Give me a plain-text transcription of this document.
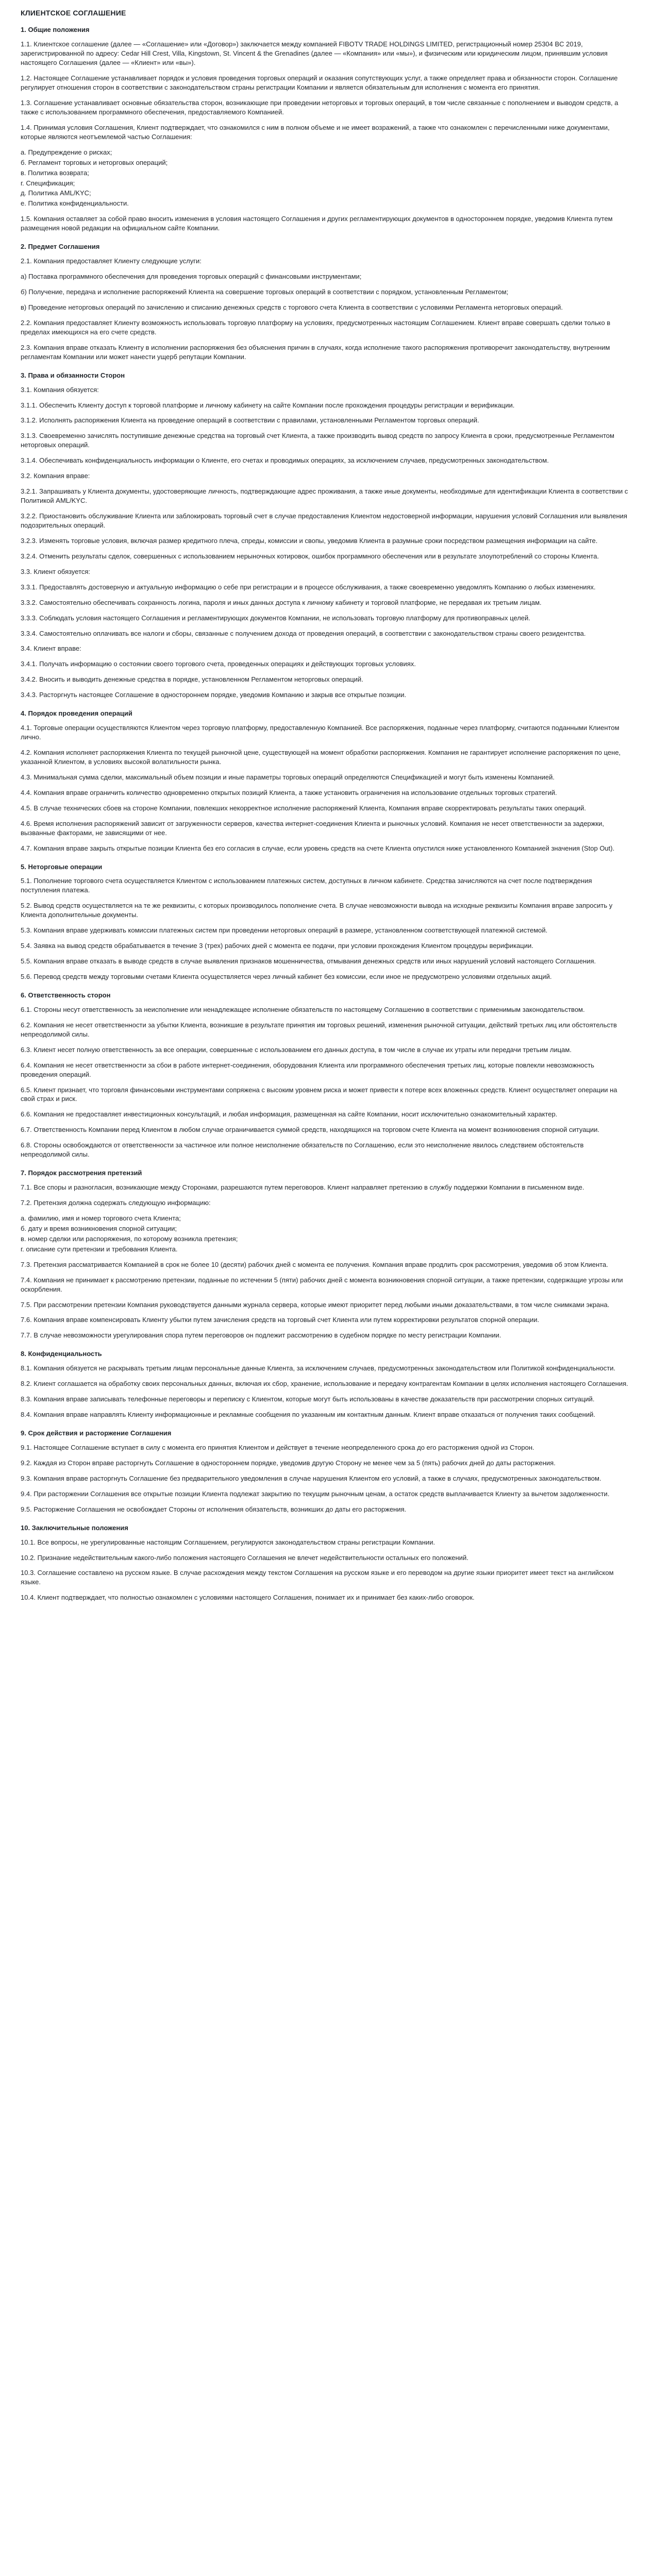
КЛИЕНТСКОЕ СОГЛАШЕНИЕ
1. Общие положения

1.1. Клиентское соглашение (далее — «Соглашение» или «Договор») заключается между компанией FIBOTV TRADE HOLDINGS LIMITED, регистрационный номер 25304 BC 2019, зарегистрированной по адресу: Cedar Hill Crest, Villa, Kingstown, St. Vincent & the Grenadines (далее — «Компания» или «мы»), и физическим или юридическим лицом, принявшим условия настоящего Соглашения (далее — «Клиент» или «вы»).

1.2. Настоящее Соглашение устанавливает порядок и условия проведения торговых операций и оказания сопутствующих услуг, а также определяет права и обязанности сторон. Соглашение регулирует отношения сторон в соответствии с законодательством страны регистрации Компании и является обязательным для исполнения с момента его принятия.

1.3. Соглашение устанавливает основные обязательства сторон, возникающие при проведении неторговых и торговых операций, в том числе связанные с пополнением и выводом средств, а также с использованием программного обеспечения, предоставляемого Компанией.

1.4. Принимая условия Соглашения, Клиент подтверждает, что ознакомился с ним в полном объеме и не имеет возражений, а также что ознакомлен с перечисленными ниже документами, которые являются неотъемлемой частью Соглашения:

а. Предупреждение о рисках;
б. Регламент торговых и неторговых операций;
в. Политика возврата;
г. Спецификация;
д. Политика AML/KYC;
е. Политика конфиденциальности.

1.5. Компания оставляет за собой право вносить изменения в условия настоящего Соглашения и других регламентирующих документов в одностороннем порядке, уведомив Клиента путем размещения новой редакции на официальном сайте Компании.

2. Предмет Соглашения

2.1. Компания предоставляет Клиенту следующие услуги:

а) Поставка программного обеспечения для проведения торговых операций с финансовыми инструментами;

б) Получение, передача и исполнение распоряжений Клиента на совершение торговых операций в соответствии с порядком, установленным Регламентом;

в) Проведение неторговых операций по зачислению и списанию денежных средств с торгового счета Клиента в соответствии с условиями Регламента неторговых операций.

2.2. Компания предоставляет Клиенту возможность использовать торговую платформу на условиях, предусмотренных настоящим Соглашением. Клиент вправе совершать сделки только в пределах имеющихся на его счете средств.

2.3. Компания вправе отказать Клиенту в исполнении распоряжения без объяснения причин в случаях, когда исполнение такого распоряжения противоречит законодательству, внутренним регламентам Компании или может нанести ущерб репутации Компании.

3. Права и обязанности Сторон

3.1. Компания обязуется:

3.1.1. Обеспечить Клиенту доступ к торговой платформе и личному кабинету на сайте Компании после прохождения процедуры регистрации и верификации.

3.1.2. Исполнять распоряжения Клиента на проведение операций в соответствии с правилами, установленными Регламентом торговых операций.

3.1.3. Своевременно зачислять поступившие денежные средства на торговый счет Клиента, а также производить вывод средств по запросу Клиента в сроки, предусмотренные Регламентом неторговых операций.

3.1.4. Обеспечивать конфиденциальность информации о Клиенте, его счетах и проводимых операциях, за исключением случаев, предусмотренных законодательством.

3.2. Компания вправе:

3.2.1. Запрашивать у Клиента документы, удостоверяющие личность, подтверждающие адрес проживания, а также иные документы, необходимые для идентификации Клиента в соответствии с Политикой AML/KYC.

3.2.2. Приостановить обслуживание Клиента или заблокировать торговый счет в случае предоставления Клиентом недостоверной информации, нарушения условий Соглашения или выявления подозрительных операций.

3.2.3. Изменять торговые условия, включая размер кредитного плеча, спреды, комиссии и свопы, уведомив Клиента в разумные сроки посредством размещения информации на сайте.

3.2.4. Отменить результаты сделок, совершенных с использованием нерыночных котировок, ошибок программного обеспечения или в результате злоупотреблений со стороны Клиента.

3.3. Клиент обязуется:

3.3.1. Предоставлять достоверную и актуальную информацию о себе при регистрации и в процессе обслуживания, а также своевременно уведомлять Компанию о любых изменениях.

3.3.2. Самостоятельно обеспечивать сохранность логина, пароля и иных данных доступа к личному кабинету и торговой платформе, не передавая их третьим лицам.

3.3.3. Соблюдать условия настоящего Соглашения и регламентирующих документов Компании, не использовать торговую платформу для противоправных целей.

3.3.4. Самостоятельно оплачивать все налоги и сборы, связанные с получением дохода от проведения операций, в соответствии с законодательством страны своего резидентства.

3.4. Клиент вправе:

3.4.1. Получать информацию о состоянии своего торгового счета, проведенных операциях и действующих торговых условиях.

3.4.2. Вносить и выводить денежные средства в порядке, установленном Регламентом неторговых операций.

3.4.3. Расторгнуть настоящее Соглашение в одностороннем порядке, уведомив Компанию и закрыв все открытые позиции.

4. Порядок проведения операций

4.1. Торговые операции осуществляются Клиентом через торговую платформу, предоставленную Компанией. Все распоряжения, поданные через платформу, считаются поданными Клиентом лично.

4.2. Компания исполняет распоряжения Клиента по текущей рыночной цене, существующей на момент обработки распоряжения. Компания не гарантирует исполнение распоряжения по цене, указанной Клиентом, в условиях высокой волатильности рынка.

4.3. Минимальная сумма сделки, максимальный объем позиции и иные параметры торговых операций определяются Спецификацией и могут быть изменены Компанией.

4.4. Компания вправе ограничить количество одновременно открытых позиций Клиента, а также установить ограничения на использование отдельных торговых стратегий.

4.5. В случае технических сбоев на стороне Компании, повлекших некорректное исполнение распоряжений Клиента, Компания вправе скорректировать результаты таких операций.

4.6. Время исполнения распоряжений зависит от загруженности серверов, качества интернет-соединения Клиента и рыночных условий. Компания не несет ответственности за задержки, вызванные факторами, не зависящими от нее.

4.7. Компания вправе закрыть открытые позиции Клиента без его согласия в случае, если уровень средств на счете Клиента опустился ниже установленного Компанией значения (Stop Out).

5. Неторговые операции

5.1. Пополнение торгового счета осуществляется Клиентом с использованием платежных систем, доступных в личном кабинете. Средства зачисляются на счет после подтверждения поступления платежа.

5.2. Вывод средств осуществляется на те же реквизиты, с которых производилось пополнение счета. В случае невозможности вывода на исходные реквизиты Компания вправе запросить у Клиента дополнительные документы.

5.3. Компания вправе удерживать комиссии платежных систем при проведении неторговых операций в размере, установленном соответствующей платежной системой.

5.4. Заявка на вывод средств обрабатывается в течение 3 (трех) рабочих дней с момента ее подачи, при условии прохождения Клиентом процедуры верификации.

5.5. Компания вправе отказать в выводе средств в случае выявления признаков мошенничества, отмывания денежных средств или иных нарушений условий настоящего Соглашения.

5.6. Перевод средств между торговыми счетами Клиента осуществляется через личный кабинет без комиссии, если иное не предусмотрено условиями отдельных акций.

6. Ответственность сторон

6.1. Стороны несут ответственность за неисполнение или ненадлежащее исполнение обязательств по настоящему Соглашению в соответствии с применимым законодательством.

6.2. Компания не несет ответственности за убытки Клиента, возникшие в результате принятия им торговых решений, изменения рыночной ситуации, действий третьих лиц или обстоятельств непреодолимой силы.

6.3. Клиент несет полную ответственность за все операции, совершенные с использованием его данных доступа, в том числе в случае их утраты или передачи третьим лицам.

6.4. Компания не несет ответственности за сбои в работе интернет-соединения, оборудования Клиента или программного обеспечения третьих лиц, которые повлекли невозможность проведения операций.

6.5. Клиент признает, что торговля финансовыми инструментами сопряжена с высоким уровнем риска и может привести к потере всех вложенных средств. Клиент осуществляет операции на свой страх и риск.

6.6. Компания не предоставляет инвестиционных консультаций, и любая информация, размещенная на сайте Компании, носит исключительно ознакомительный характер.

6.7. Ответственность Компании перед Клиентом в любом случае ограничивается суммой средств, находящихся на торговом счете Клиента на момент возникновения спорной ситуации.

6.8. Стороны освобождаются от ответственности за частичное или полное неисполнение обязательств по Соглашению, если это неисполнение явилось следствием обстоятельств непреодолимой силы.

7. Порядок рассмотрения претензий

7.1. Все споры и разногласия, возникающие между Сторонами, разрешаются путем переговоров. Клиент направляет претензию в службу поддержки Компании в письменном виде.

7.2. Претензия должна содержать следующую информацию:

а. фамилию, имя и номер торгового счета Клиента;
б. дату и время возникновения спорной ситуации;
в. номер сделки или распоряжения, по которому возникла претензия;
г. описание сути претензии и требования Клиента.

7.3. Претензия рассматривается Компанией в срок не более 10 (десяти) рабочих дней с момента ее получения. Компания вправе продлить срок рассмотрения, уведомив об этом Клиента.

7.4. Компания не принимает к рассмотрению претензии, поданные по истечении 5 (пяти) рабочих дней с момента возникновения спорной ситуации, а также претензии, содержащие угрозы или оскорбления.

7.5. При рассмотрении претензии Компания руководствуется данными журнала сервера, которые имеют приоритет перед любыми иными доказательствами, в том числе снимками экрана.

7.6. Компания вправе компенсировать Клиенту убытки путем зачисления средств на торговый счет Клиента или путем корректировки результатов спорной операции.

7.7. В случае невозможности урегулирования спора путем переговоров он подлежит рассмотрению в судебном порядке по месту регистрации Компании.

8. Конфиденциальность

8.1. Компания обязуется не раскрывать третьим лицам персональные данные Клиента, за исключением случаев, предусмотренных законодательством или Политикой конфиденциальности.

8.2. Клиент соглашается на обработку своих персональных данных, включая их сбор, хранение, использование и передачу контрагентам Компании в целях исполнения настоящего Соглашения.

8.3. Компания вправе записывать телефонные переговоры и переписку с Клиентом, которые могут быть использованы в качестве доказательств при рассмотрении спорных ситуаций.

8.4. Компания вправе направлять Клиенту информационные и рекламные сообщения по указанным им контактным данным. Клиент вправе отказаться от получения таких сообщений.

9. Срок действия и расторжение Соглашения

9.1. Настоящее Соглашение вступает в силу с момента его принятия Клиентом и действует в течение неопределенного срока до его расторжения одной из Сторон.

9.2. Каждая из Сторон вправе расторгнуть Соглашение в одностороннем порядке, уведомив другую Сторону не менее чем за 5 (пять) рабочих дней до даты расторжения.

9.3. Компания вправе расторгнуть Соглашение без предварительного уведомления в случае нарушения Клиентом его условий, а также в случаях, предусмотренных законодательством.

9.4. При расторжении Соглашения все открытые позиции Клиента подлежат закрытию по текущим рыночным ценам, а остаток средств выплачивается Клиенту за вычетом задолженности.

9.5. Расторжение Соглашения не освобождает Стороны от исполнения обязательств, возникших до даты его расторжения.

10. Заключительные положения

10.1. Все вопросы, не урегулированные настоящим Соглашением, регулируются законодательством страны регистрации Компании.

10.2. Признание недействительным какого-либо положения настоящего Соглашения не влечет недействительности остальных его положений.

10.3. Соглашение составлено на русском языке. В случае расхождения между текстом Соглашения на русском языке и его переводом на другие языки приоритет имеет текст на английском языке.

10.4. Клиент подтверждает, что полностью ознакомлен с условиями настоящего Соглашения, понимает их и принимает без каких-либо оговорок.
